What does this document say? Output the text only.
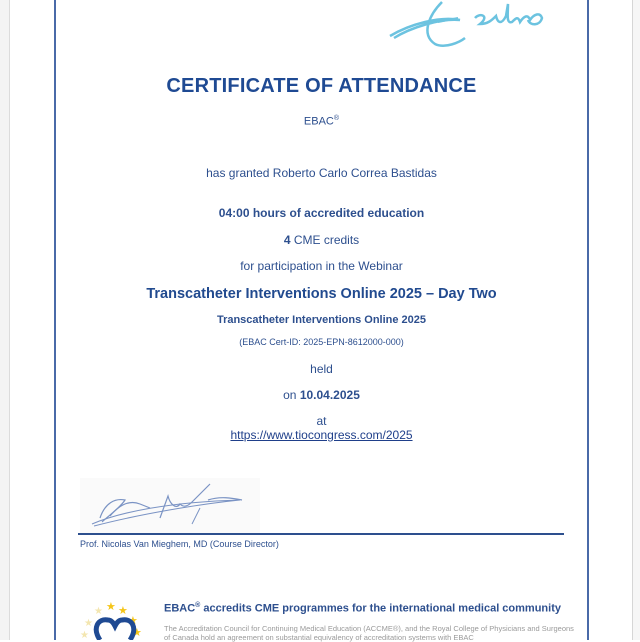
CERTIFICATE OF ATTENDANCE
EBAC®
has granted Roberto Carlo Correa Bastidas
04:00 hours of accredited education
4 CME credits
for participation in the Webinar
Transcatheter Interventions Online 2025 – Day Two
Transcatheter Interventions Online 2025
(EBAC Cert-ID: 2025-EPN-8612000-000)
held
on 10.04.2025
at
https://www.tiocongress.com/2025
Prof. Nicolas Van Mieghem, MD (Course Director)
★ ★
★
★
★
★
★
EBAC® accredits CME programmes for the international medical community
The Accreditation Council for Continuing Medical Education (ACCME®), and the Royal College of Physicians and Surgeons of Canada hold an agreement on substantial equivalency of accreditation systems with EBAC
